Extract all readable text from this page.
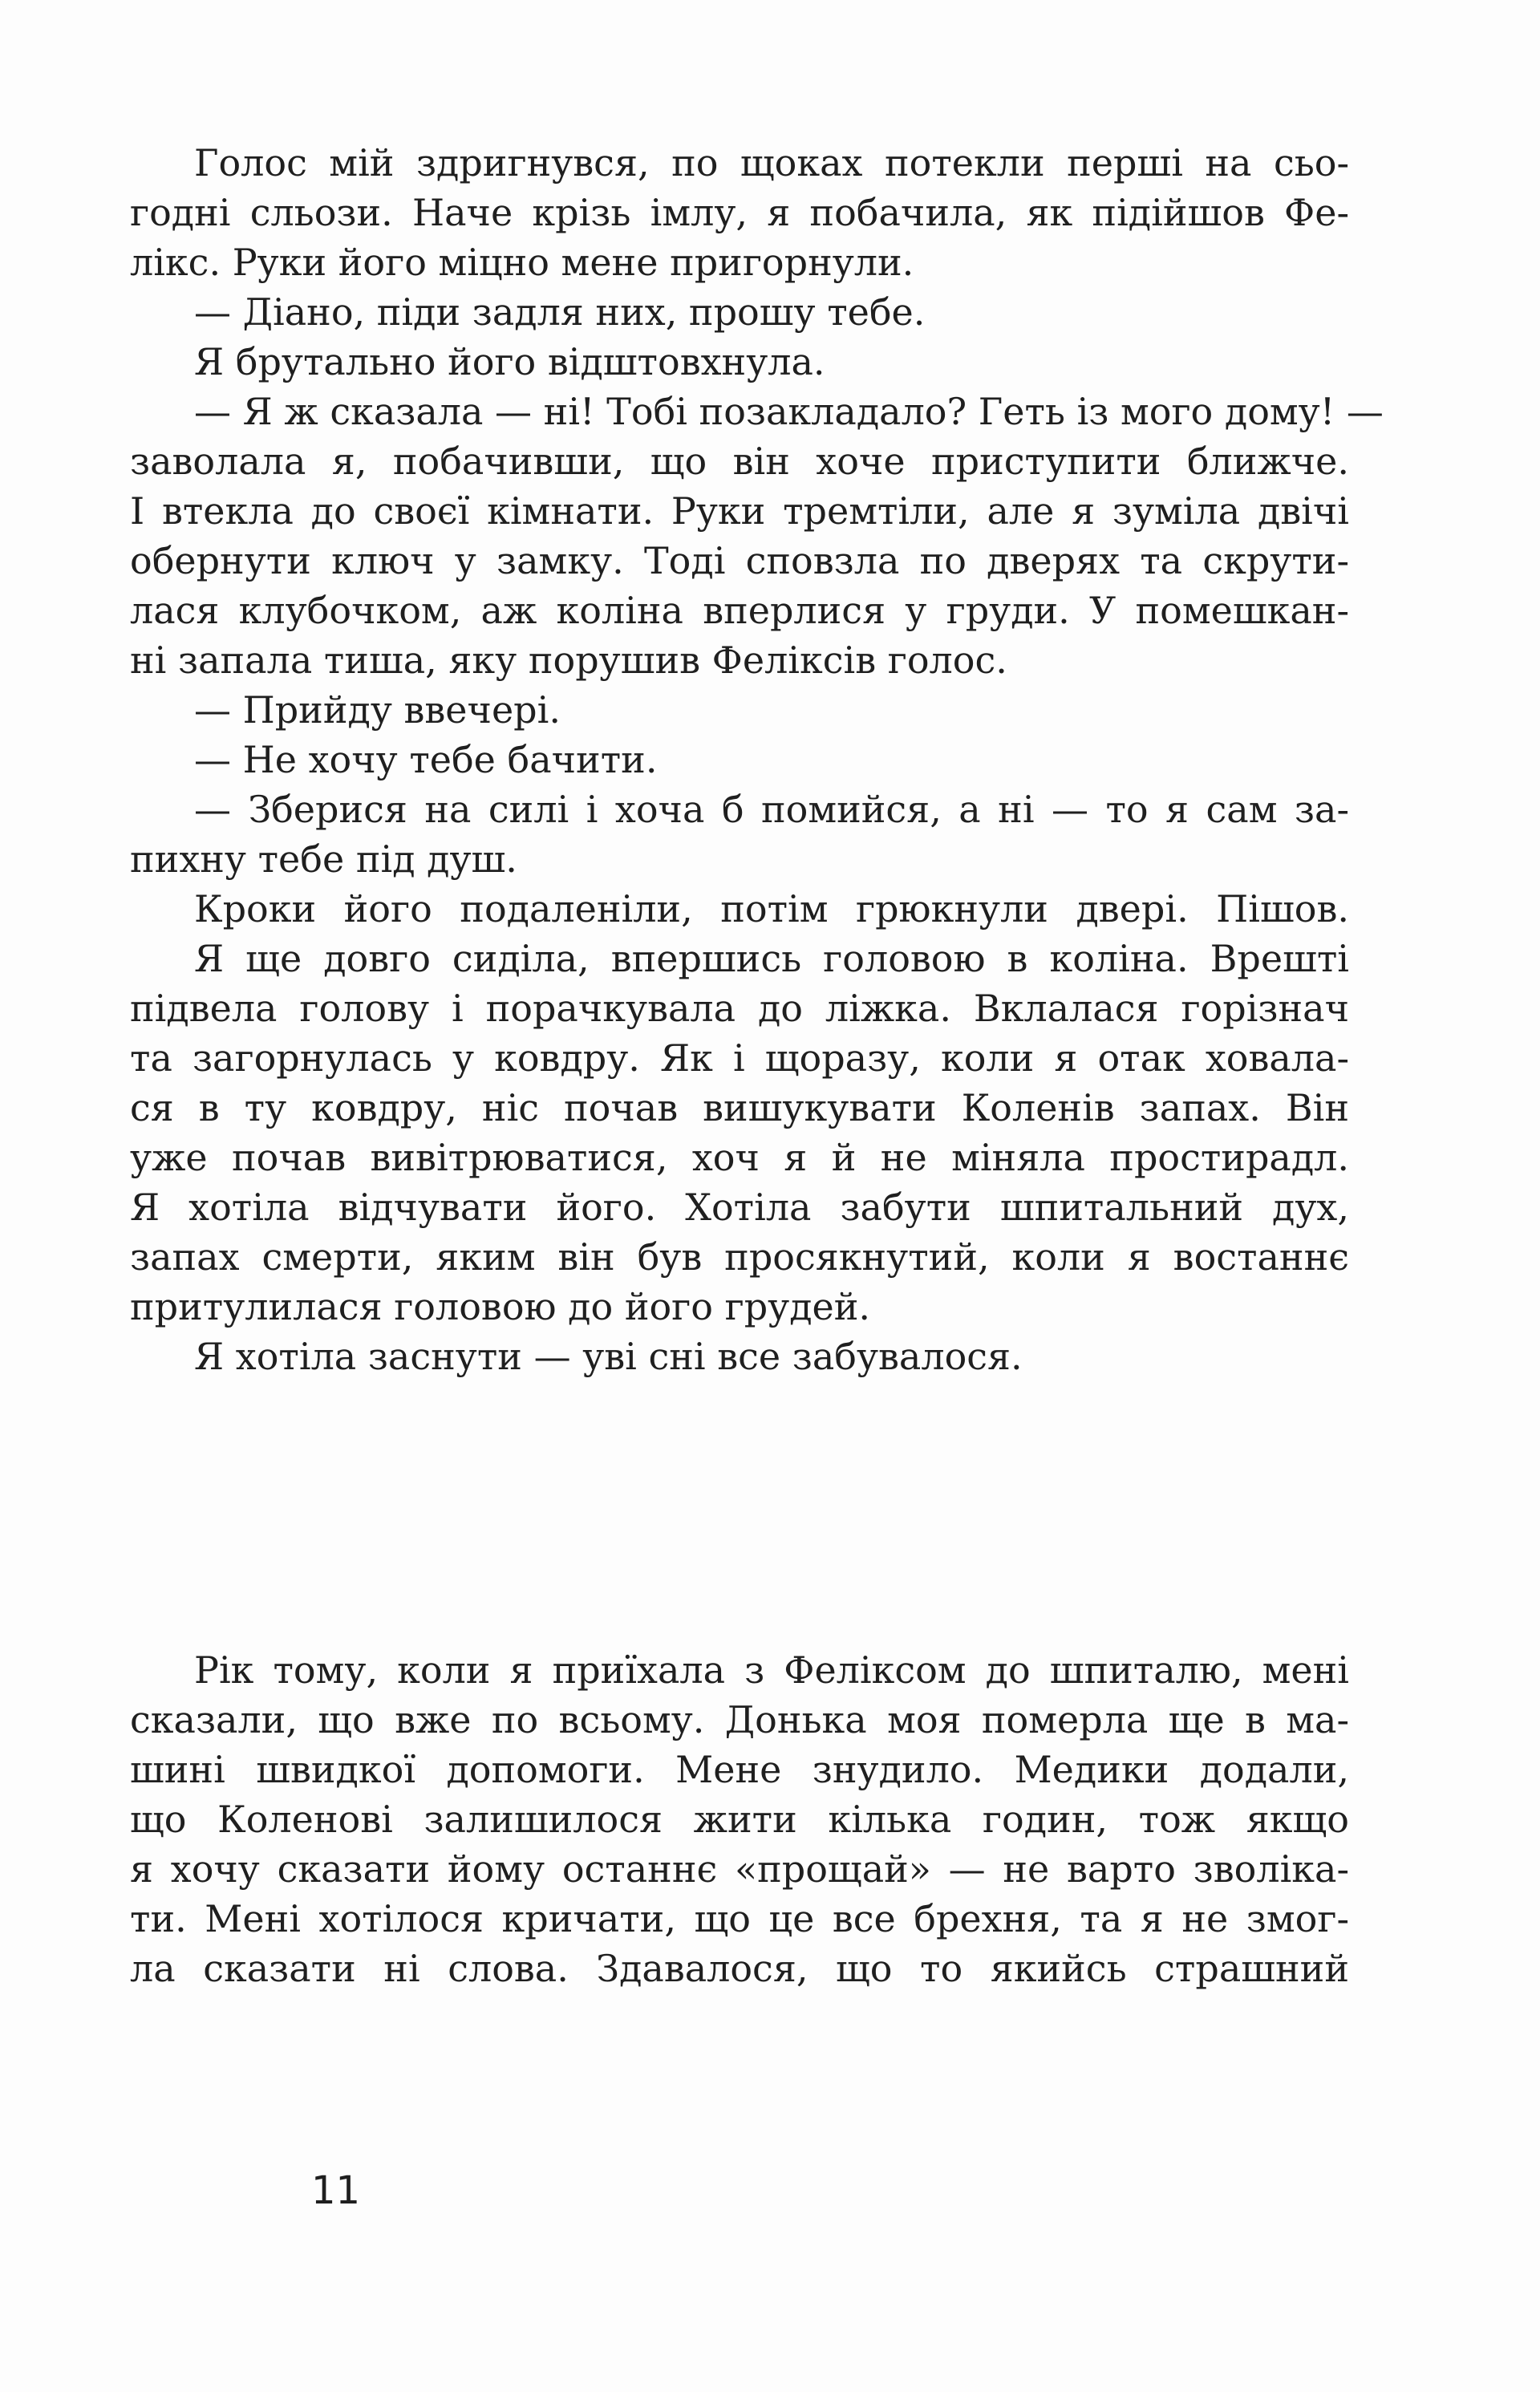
Голос мій здригнувся, по щоках потекли перші на сьо-
годні сльози. Наче крізь імлу, я побачила, як підійшов Фе-
лікс. Руки його міцно мене пригорнули.
— Діано, піди задля них, прошу тебе.
Я брутально його відштовхнула.
— Я ж сказала — ні! Тобі позакладало? Геть із мого дому! —
заволала я, побачивши, що він хоче приступити ближче.
І втекла до своєї кімнати. Руки тремтіли, але я зуміла двічі
обернути ключ у замку. Тоді сповзла по дверях та скрути-
лася клубочком, аж коліна вперлися у груди. У помешкан-
ні запала тиша, яку порушив Феліксів голос.
— Прийду ввечері.
— Не хочу тебе бачити.
— Зберися на силі і хоча б помийся, а ні — то я сам за-
пихну тебе під душ.
Кроки його подаленіли, потім грюкнули двері. Пішов.
Я ще довго сиділа, впершись головою в коліна. Врешті
підвела голову і порачкувала до ліжка. Вклалася горізнач
та загорнулась у ковдру. Як і щоразу, коли я отак ховала-
ся в ту ковдру, ніс почав вишукувати Коленів запах. Він
уже почав вивітрюватися, хоч я й не міняла простирадл.
Я хотіла відчувати його. Хотіла забути шпитальний дух,
запах смерти, яким він був просякнутий, коли я востаннє
притулилася головою до його грудей.
Я хотіла заснути — уві сні все забувалося.
Рік тому, коли я приїхала з Феліксом до шпиталю, мені
сказали, що вже по всьому. Донька моя померла ще в ма-
шині швидкої допомоги. Мене знудило. Медики додали,
що Коленові залишилося жити кілька годин, тож якщо
я хочу сказати йому останнє «прощай» — не варто зволіка-
ти. Мені хотілося кричати, що це все брехня, та я не змог-
ла сказати ні слова. Здавалося, що то якийсь страшний
11
